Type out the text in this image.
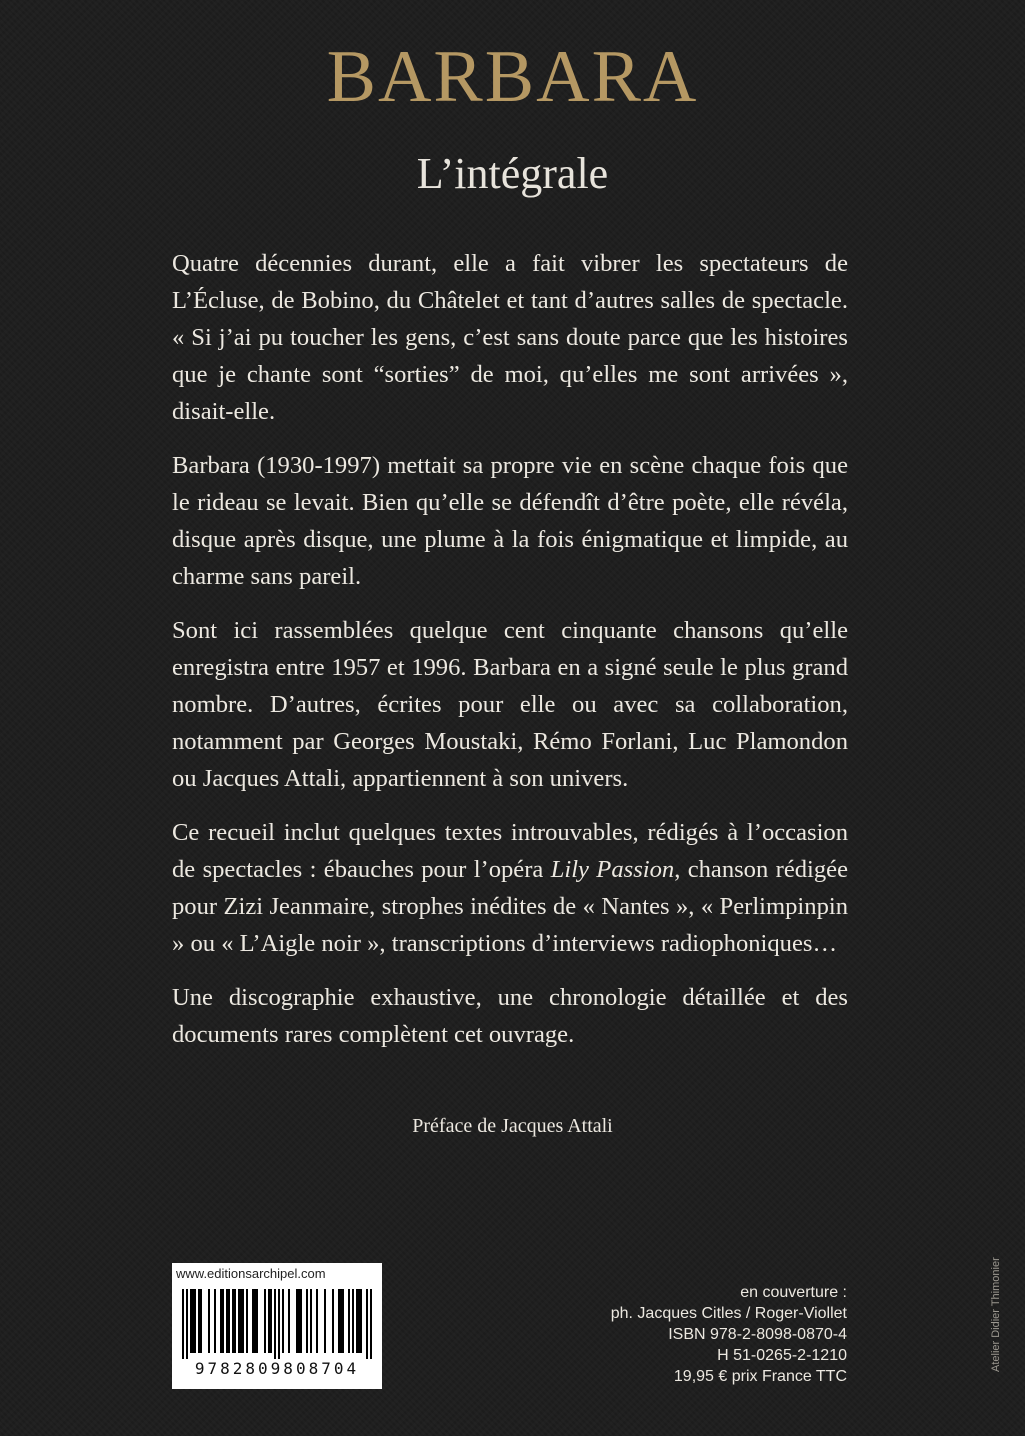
BARBARA
L’intégrale

Quatre décennies durant, elle a fait vibrer les spectateurs de L’Écluse, de Bobino, du Châtelet et tant d’autres salles de spectacle. « Si j’ai pu toucher les gens, c’est sans doute parce que les histoires que je chante sont “sorties” de moi, qu’elles me sont arrivées », disait-elle.

Barbara (1930-1997) mettait sa propre vie en scène chaque fois que le rideau se levait. Bien qu’elle se défendît d’être poète, elle révéla, disque après disque, une plume à la fois énigmatique et limpide, au charme sans pareil.

Sont ici rassemblées quelque cent cinquante chansons qu’elle enregistra entre 1957 et 1996. Barbara en a signé seule le plus grand nombre. D’autres, écrites pour elle ou avec sa collaboration, notamment par Georges Moustaki, Rémo Forlani, Luc Plamondon ou Jacques Attali, appartiennent à son univers.

Ce recueil inclut quelques textes introuvables, rédigés à l’occasion de spectacles : ébauches pour l’opéra Lily Passion, chanson rédigée pour Zizi Jeanmaire, strophes inédites de « Nantes », « Perlimpinpin » ou « L’Aigle noir », transcriptions d’interviews radiophoniques…

Une discographie exhaustive, une chronologie détaillée et des documents rares complètent cet ouvrage.

Préface de Jacques Attali
www.editionsarchipel.com
9782809808704
en couverture :
ph. Jacques Citles / Roger-Viollet
ISBN 978-2-8098-0870-4
H 51-0265-2-1210
19,95 € prix France TTC
Atelier Didier Thimonier
